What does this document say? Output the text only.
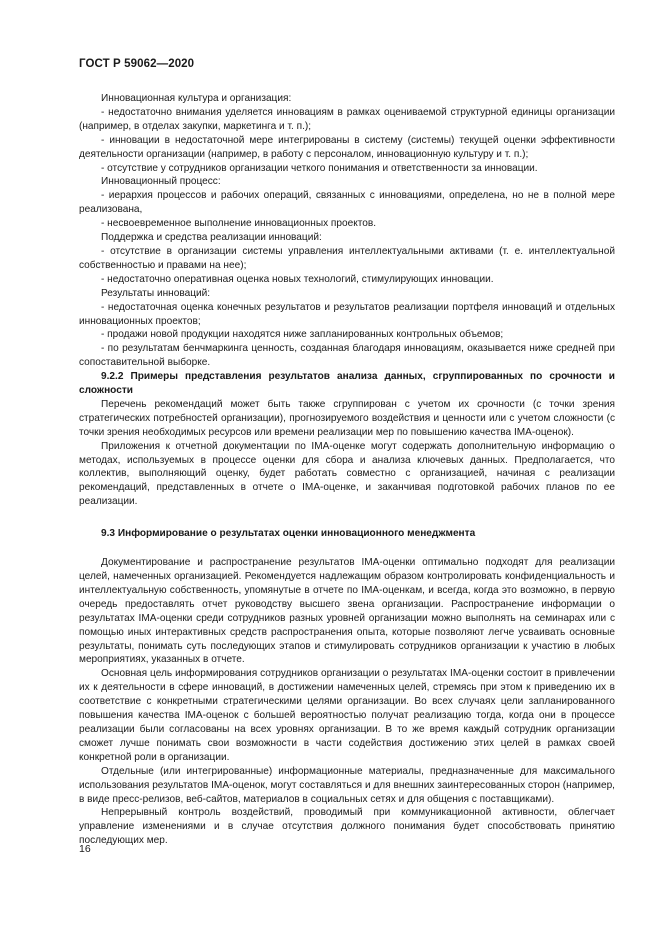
ГОСТ Р 59062—2020

Инновационная культура и организация:

- недостаточно внимания уделяется инновациям в рамках оцениваемой структурной единицы организации (например, в отделах закупки, маркетинга и т. п.);

- инновации в недостаточной мере интегрированы в систему (системы) текущей оценки эффективности деятельности организации (например, в работу с персоналом, инновационную культуру и т. п.);

- отсутствие у сотрудников организации четкого понимания и ответственности за инновации.

Инновационный процесс:

- иерархия процессов и рабочих операций, связанных с инновациями, определена, но не в полной мере реализована,

- несвоевременное выполнение инновационных проектов.

Поддержка и средства реализации инноваций:

- отсутствие в организации системы управления интеллектуальными активами (т. е. интеллектуальной собственностью и правами на нее);

- недостаточно оперативная оценка новых технологий, стимулирующих инновации.

Результаты инноваций:

- недостаточная оценка конечных результатов и результатов реализации портфеля инноваций и отдельных инновационных проектов;

- продажи новой продукции находятся ниже запланированных контрольных объемов;

- по результатам бенчмаркинга ценность, созданная благодаря инновациям, оказывается ниже средней при сопоставительной выборке.

9.2.2 Примеры представления результатов анализа данных, сгруппированных по срочности и сложности

Перечень рекомендаций может быть также сгруппирован с учетом их срочности (с точки зрения стратегических потребностей организации), прогнозируемого воздействия и ценности или с учетом сложности (с точки зрения необходимых ресурсов или времени реализации мер по повышению качества IMA-оценок).

Приложения к отчетной документации по IMA-оценке могут содержать дополнительную информацию о методах, используемых в процессе оценки для сбора и анализа ключевых данных. Предполагается, что коллектив, выполняющий оценку, будет работать совместно с организацией, начиная с реализации рекомендаций, представленных в отчете о IMA-оценке, и заканчивая подготовкой рабочих планов по ее реализации.

9.3 Информирование о результатах оценки инновационного менеджмента

Документирование и распространение результатов IMA-оценки оптимально подходят для реализации целей, намеченных организацией. Рекомендуется надлежащим образом контролировать конфиденциальность и интеллектуальную собственность, упомянутые в отчете по IMA-оценкам, и всегда, когда это возможно, в первую очередь предоставлять отчет руководству высшего звена организации. Распространение информации о результатах IMA-оценки среди сотрудников разных уровней организации можно выполнять на семинарах или с помощью иных интерактивных средств распространения опыта, которые позволяют легче усваивать основные результаты, понимать суть последующих этапов и стимулировать сотрудников организации к участию в любых мероприятиях, указанных в отчете.

Основная цель информирования сотрудников организации о результатах IMA-оценки состоит в привлечении их к деятельности в сфере инноваций, в достижении намеченных целей, стремясь при этом к приведению их в соответствие с конкретными стратегическими целями организации. Во всех случаях цели запланированного повышения качества IMA-оценок с большей вероятностью получат реализацию тогда, когда они в процессе реализации были согласованы на всех уровнях организации. В то же время каждый сотрудник организации сможет лучше понимать свои возможности в части содействия достижению этих целей в рамках своей конкретной роли в организации.

Отдельные (или интегрированные) информационные материалы, предназначенные для максимального использования результатов IMA-оценок, могут составляться и для внешних заинтересованных сторон (например, в виде пресс-релизов, веб-сайтов, материалов в социальных сетях и для общения с поставщиками).

Непрерывный контроль воздействий, проводимый при коммуникационной активности, облегчает управление изменениями и в случае отсутствия должного понимания будет способствовать принятию последующих мер.

16
